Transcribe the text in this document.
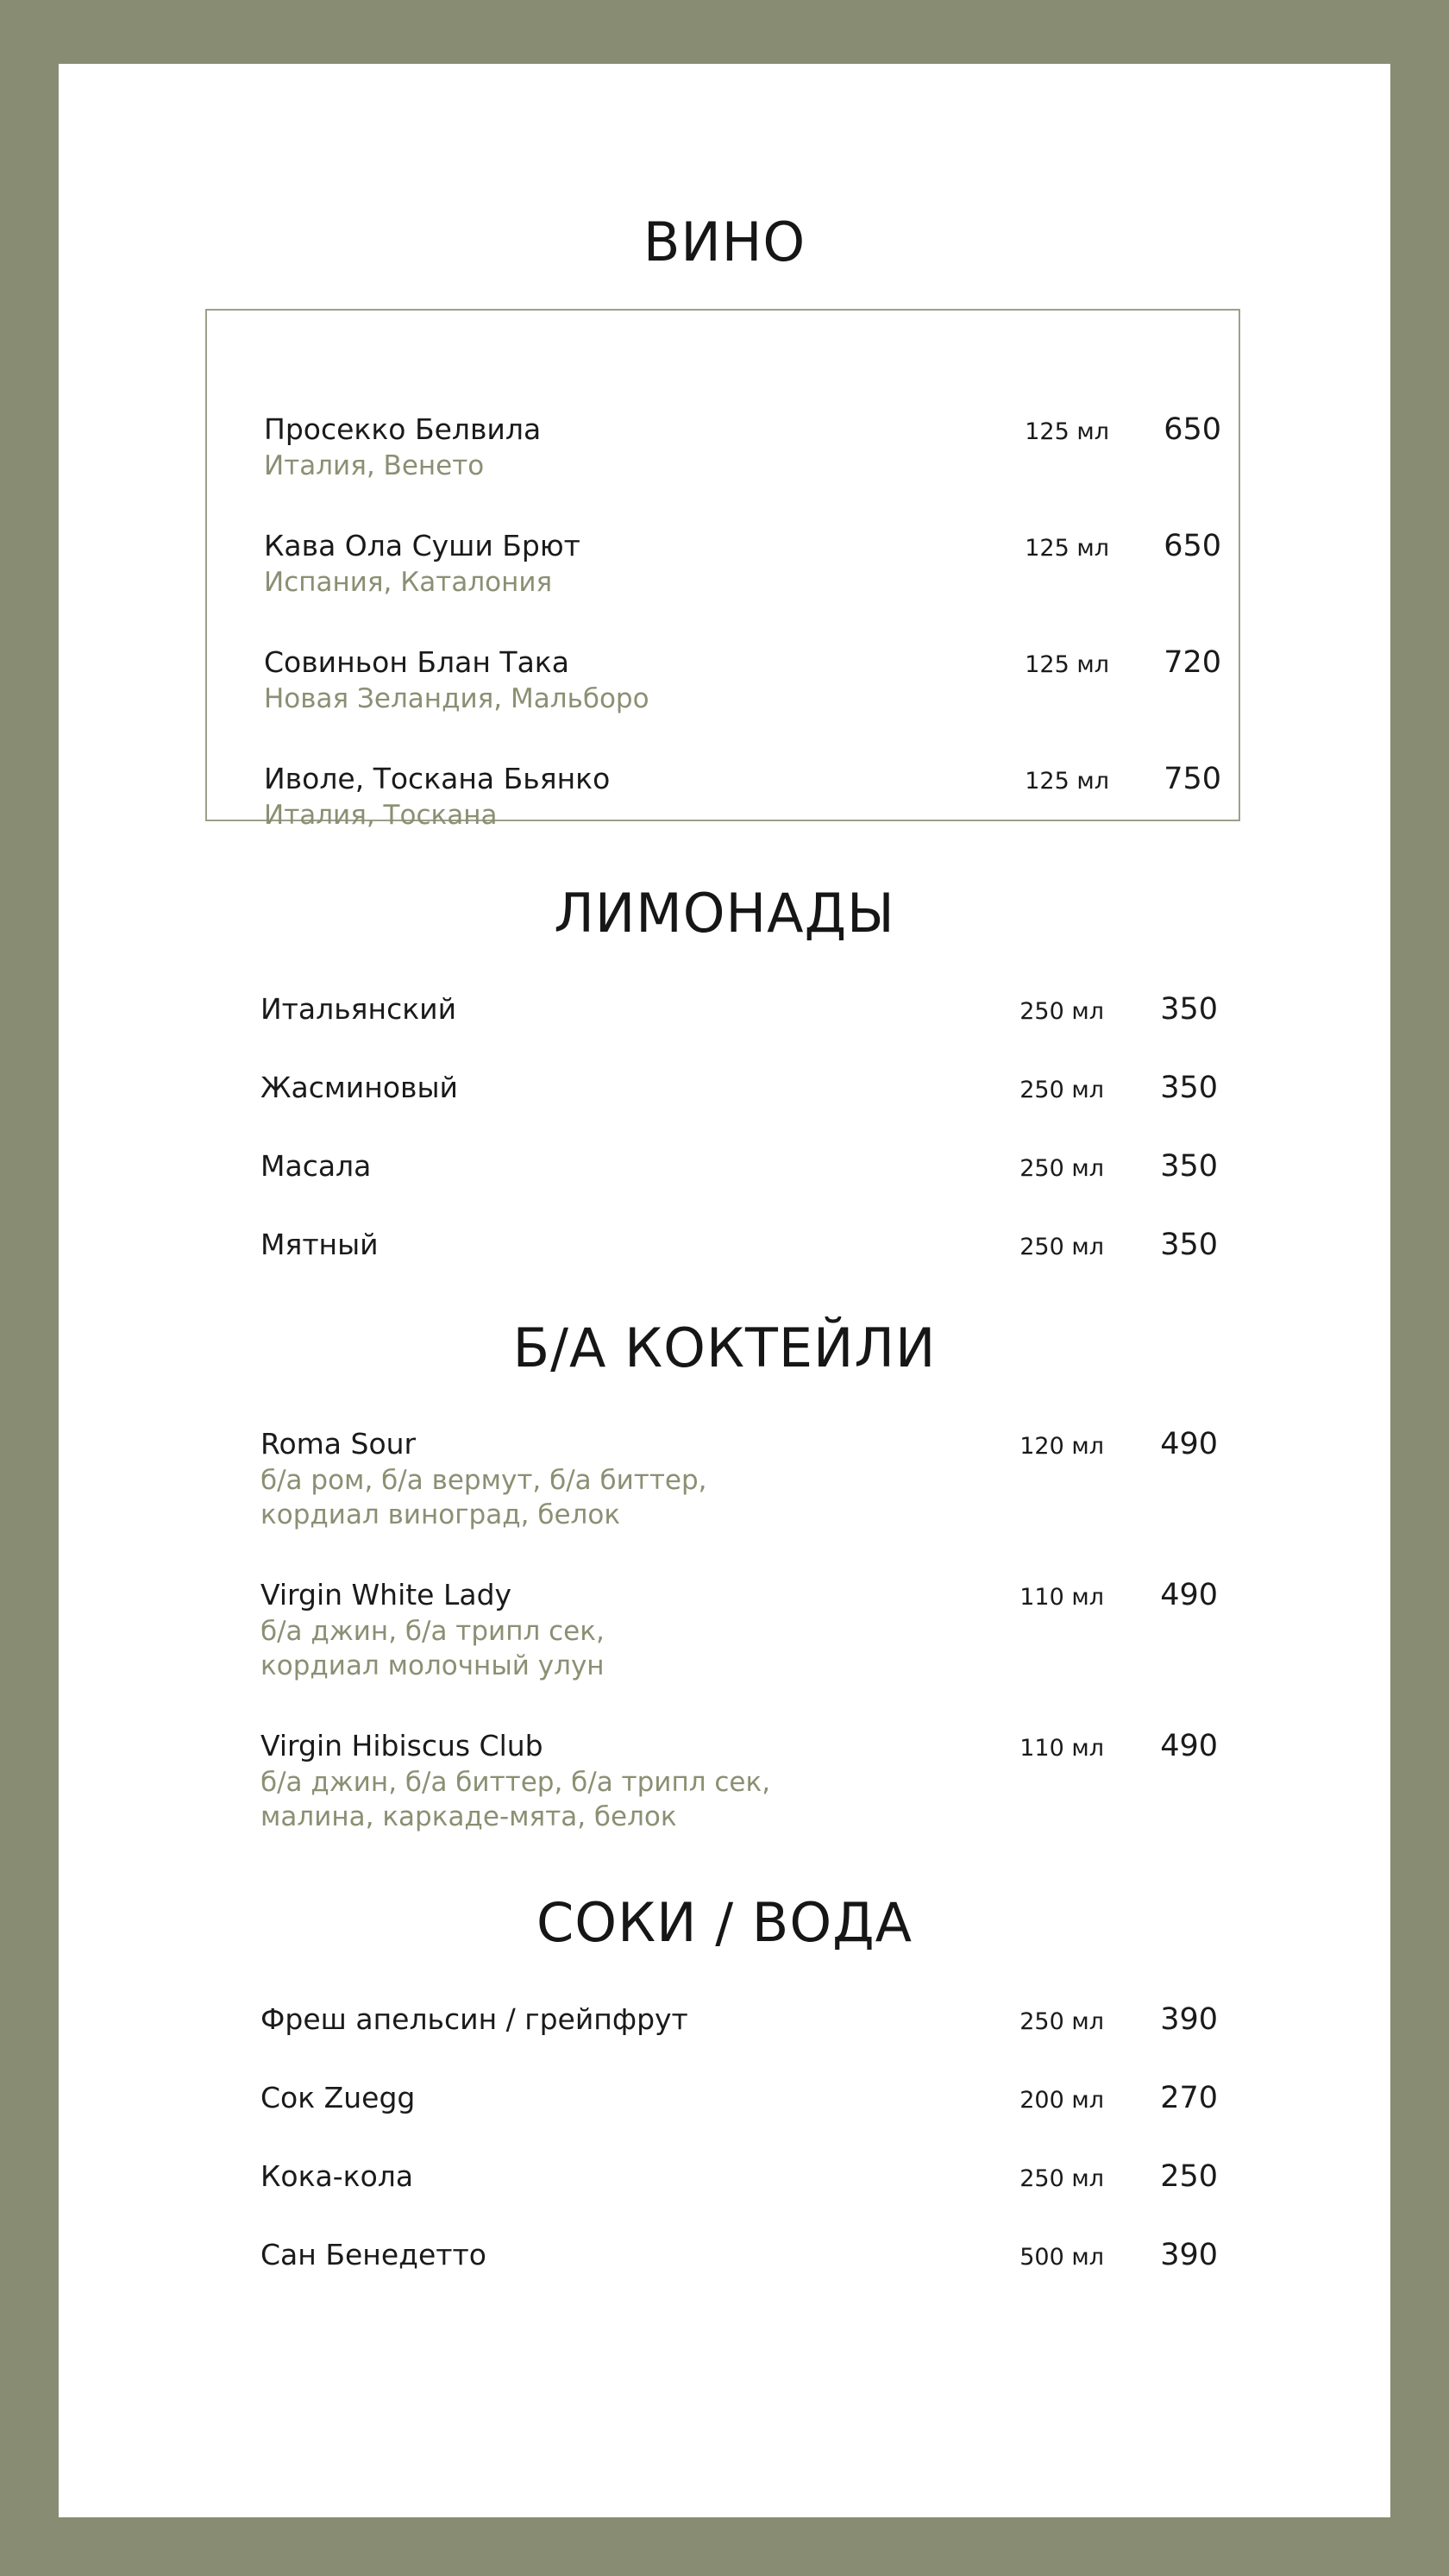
ВИНО
Просекко Белвила
Италия, Венето
125 мл	650
Кава Ола Суши Брют
Испания, Каталония
125 мл	650
Совиньон Блан Така
Новая Зеландия, Мальборо
125 мл	720
Иволе, Тоскана Бьянко
Италия, Тоскана
125 мл	750
ЛИМОНАДЫ
Итальянский	250 мл	350
Жасминовый	250 мл	350
Масала	250 мл	350
Мятный	250 мл	350
Б/А КОКТЕЙЛИ
Roma Sour
б/а ром, б/а вермут, б/а биттер,
кордиал виноград, белок
120 мл	490
Virgin White Lady
б/а джин, б/а трипл сек,
кордиал молочный улун
110 мл	490
Virgin Hibiscus Club
б/а джин, б/а биттер, б/а трипл сек,
малина, каркаде-мята, белок
110 мл	490
СОКИ / ВОДА
Фреш апельсин / грейпфрут	250 мл	390
Сок Zuegg	200 мл	270
Кока-кола	250 мл	250
Сан Бенедетто	500 мл	390
